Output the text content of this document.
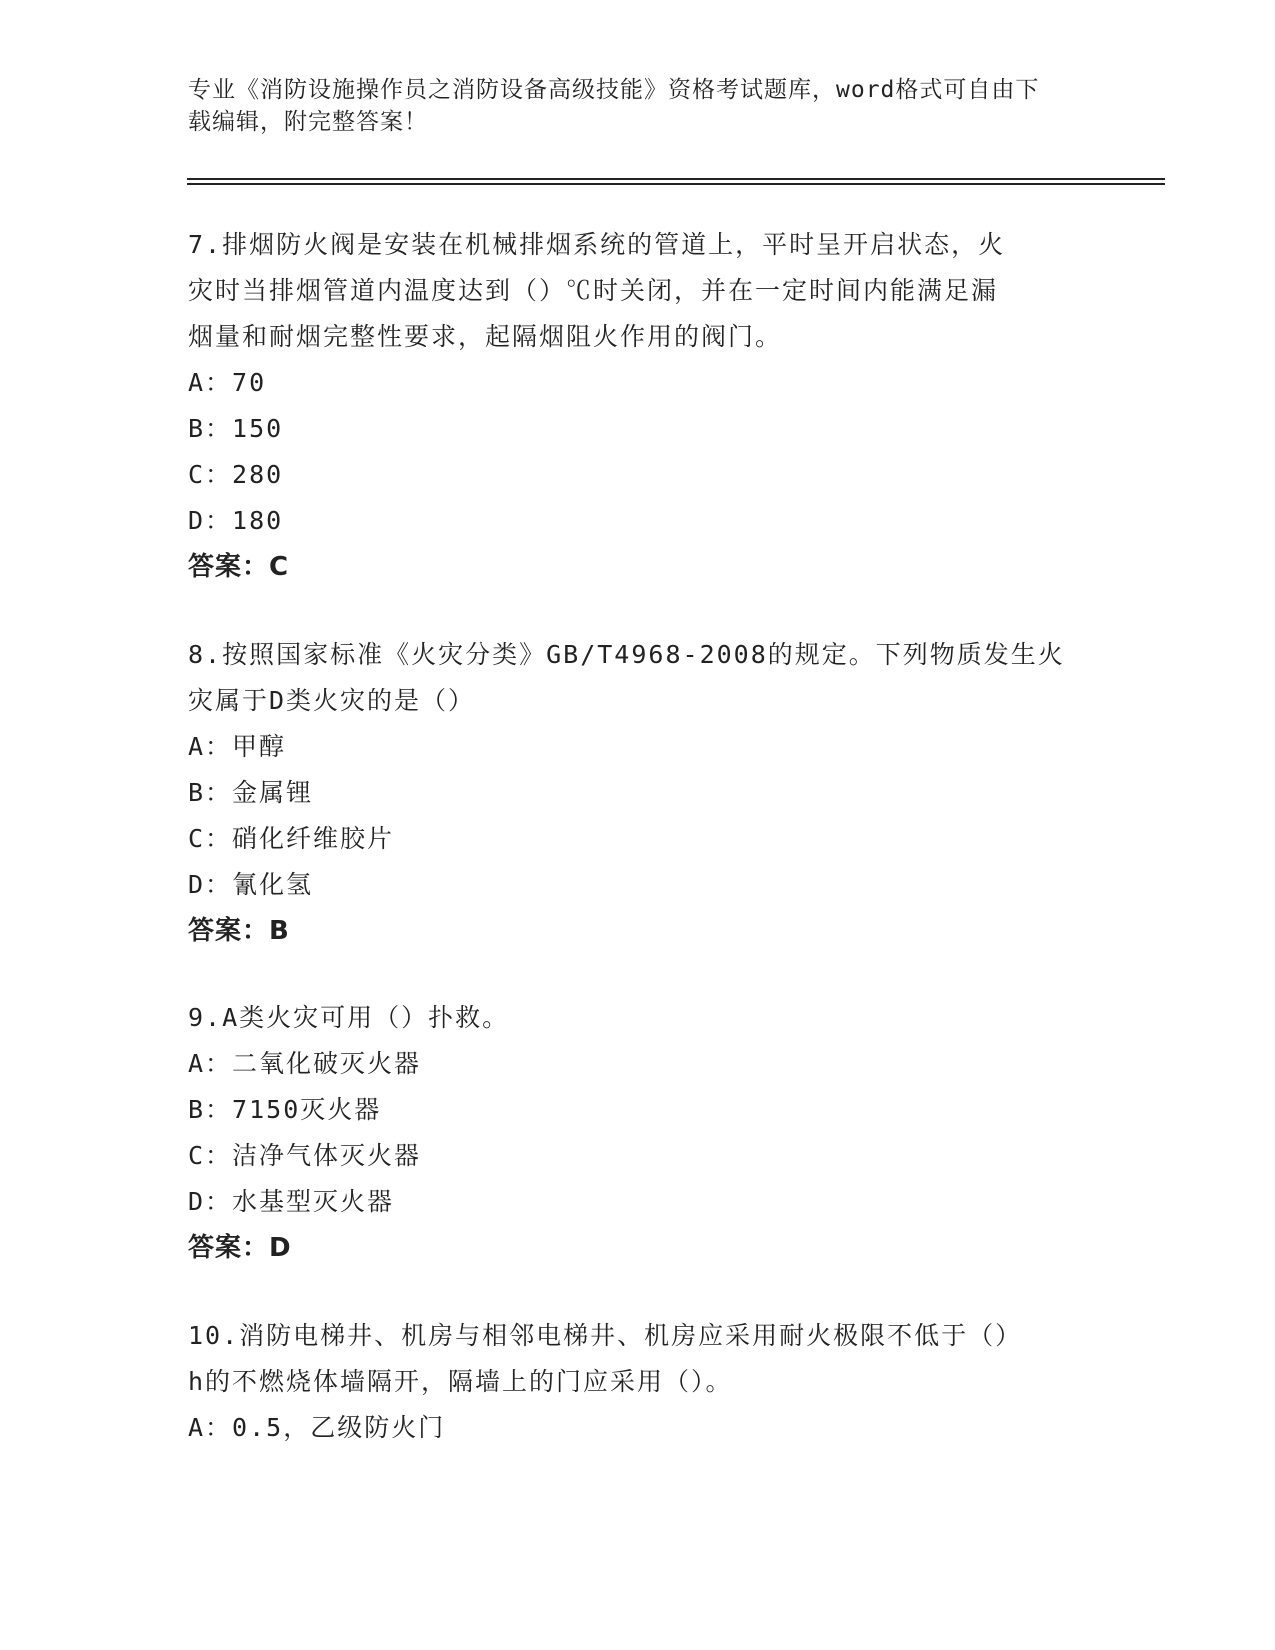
专业《消防设施操作员之消防设备高级技能》资格考试题库，word格式可自由下
载编辑，附完整答案！

7.排烟防火阀是安装在机械排烟系统的管道上，平时呈开启状态，火

灾时当排烟管道内温度达到（）℃时关闭，并在一定时间内能满足漏

烟量和耐烟完整性要求，起隔烟阻火作用的阀门。

A：70

B：150

C：280

D：180

答案：C

8.按照国家标准《火灾分类》GB/T4968-2008的规定。下列物质发生火

灾属于D类火灾的是（）

A：甲醇

B：金属锂

C：硝化纤维胶片

D：氰化氢

答案：B

9.A类火灾可用（）扑救。

A：二氧化破灭火器

B：7150灭火器

C：洁净气体灭火器

D：水基型灭火器

答案：D

10.消防电梯井、机房与相邻电梯井、机房应采用耐火极限不低于（）

h的不燃烧体墙隔开，隔墙上的门应采用（）。

A：0.5，乙级防火门
